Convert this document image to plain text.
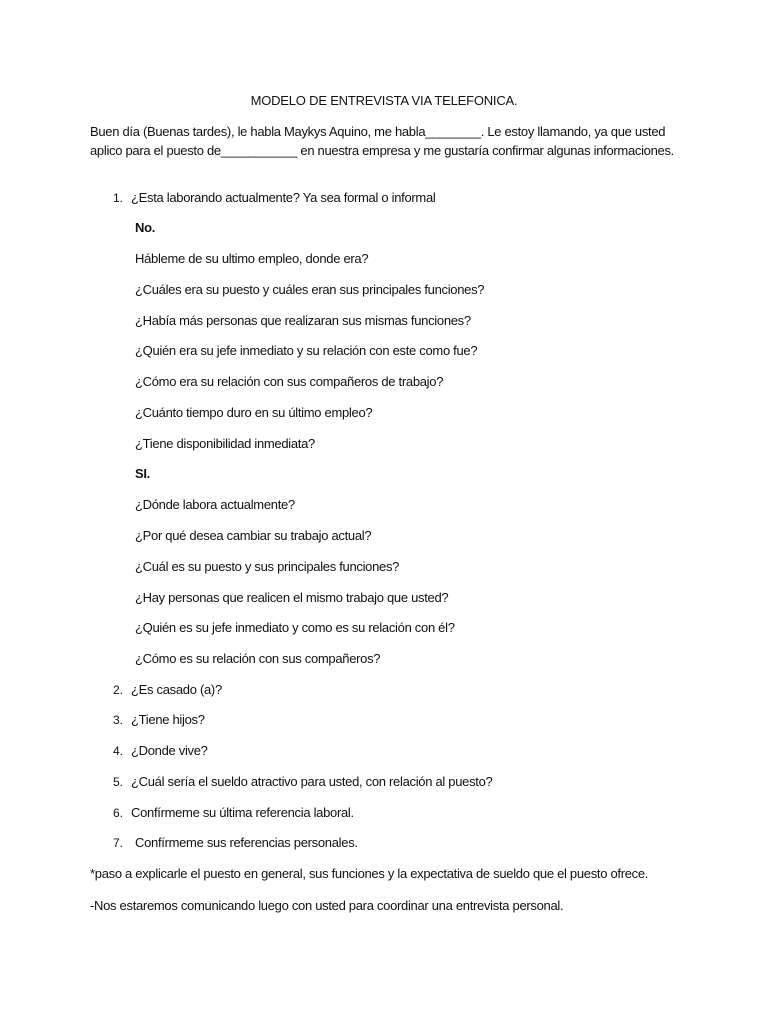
MODELO DE ENTREVISTA VIA TELEFONICA.
Buen día (Buenas tardes), le habla Maykys Aquino, me habla________. Le estoy llamando, ya que usted aplico para el puesto de___________ en nuestra empresa y me gustaría confirmar algunas informaciones.
1. ¿Esta laborando actualmente? Ya sea formal o informal
No.
Hábleme de su ultimo empleo, donde era?
¿Cuáles era su puesto y cuáles eran sus principales funciones?
¿Había más personas que realizaran sus mismas funciones?
¿Quién era su jefe inmediato y su relación con este como fue?
¿Cómo era su relación con sus compañeros de trabajo?
¿Cuánto tiempo duro en su último empleo?
¿Tiene disponibilidad inmediata?
SI.
¿Dónde labora actualmente?
¿Por qué desea cambiar su trabajo actual?
¿Cuál es su puesto y sus principales funciones?
¿Hay personas que realicen el mismo trabajo que usted?
¿Quién es su jefe inmediato y como es su relación con él?
¿Cómo es su relación con sus compañeros?
2. ¿Es casado (a)?
3. ¿Tiene hijos?
4. ¿Donde vive?
5. ¿Cuál sería el sueldo atractivo para usted, con relación al puesto?
6. Confírmeme su última referencia laboral.
7. Confírmeme sus referencias personales.
*paso a explicarle el puesto en general, sus funciones y la expectativa de sueldo que el puesto ofrece.
-Nos estaremos comunicando luego con usted para coordinar una entrevista personal.
